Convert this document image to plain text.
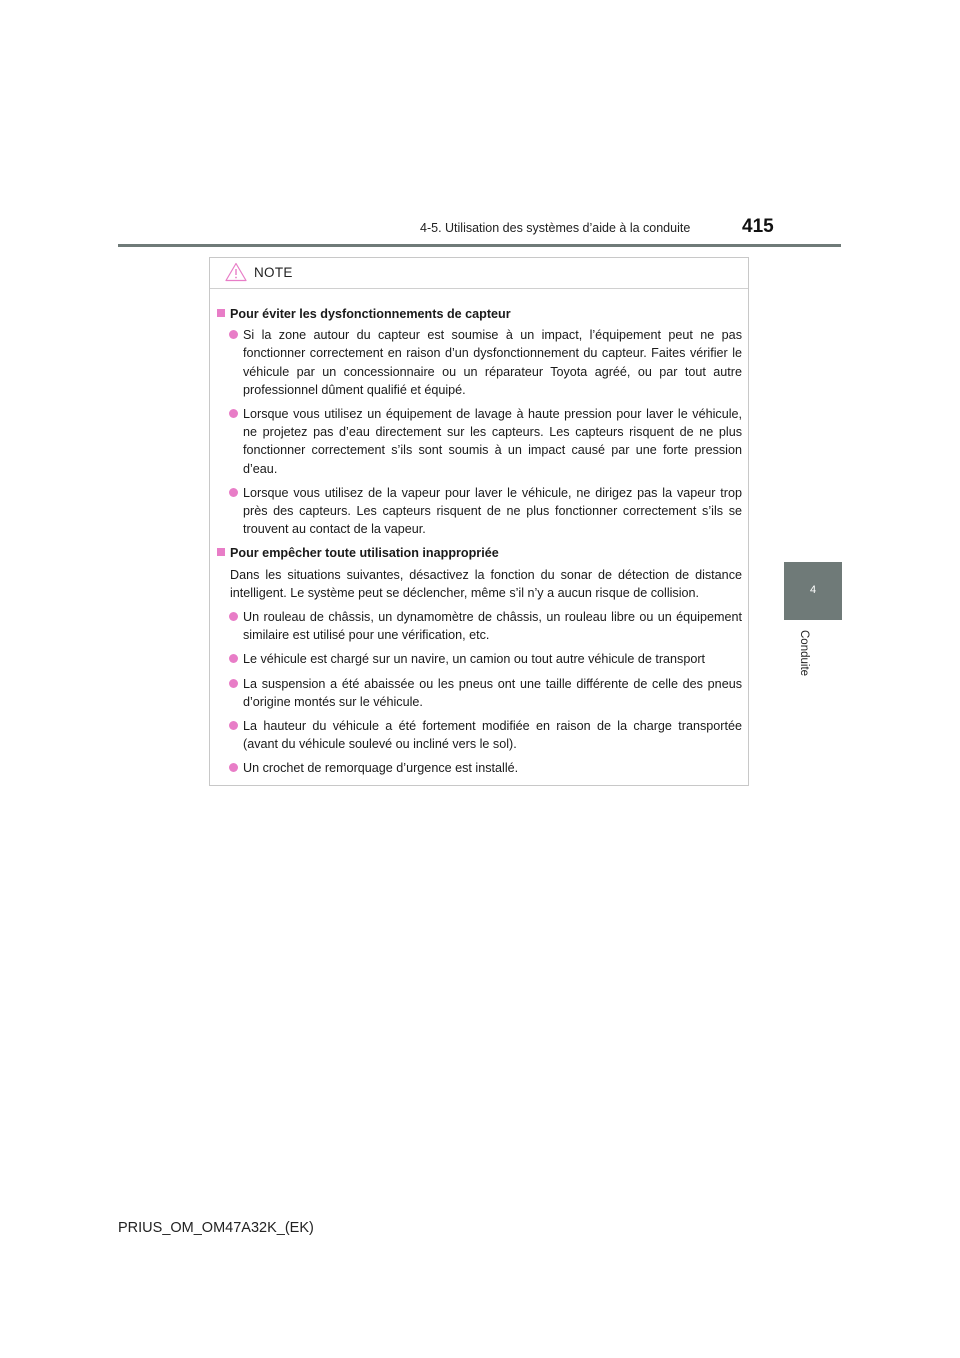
4-5. Utilisation des systèmes d’aide à la conduite	415
4
Conduite
NOTE
Pour éviter les dysfonctionnements de capteur
Si la zone autour du capteur est soumise à un impact, l’équipement peut ne pas fonctionner correctement en raison d’un dysfonctionnement du capteur. Faites vérifier le véhicule par un concessionnaire ou un réparateur Toyota agréé, ou par tout autre professionnel dûment qualifié et équipé.
Lorsque vous utilisez un équipement de lavage à haute pression pour laver le véhicule, ne projetez pas d’eau directement sur les capteurs. Les capteurs risquent de ne plus fonctionner correctement s’ils sont soumis à un impact causé par une forte pression d’eau.
Lorsque vous utilisez de la vapeur pour laver le véhicule, ne dirigez pas la vapeur trop près des capteurs. Les capteurs risquent de ne plus fonctionner correctement s’ils se trouvent au contact de la vapeur.
Pour empêcher toute utilisation inappropriée
Dans les situations suivantes, désactivez la fonction du sonar de détection de distance intelligent. Le système peut se déclencher, même s’il n’y a aucun risque de collision.
Un rouleau de châssis, un dynamomètre de châssis, un rouleau libre ou un équipement similaire est utilisé pour une vérification, etc.
Le véhicule est chargé sur un navire, un camion ou tout autre véhicule de transport
La suspension a été abaissée ou les pneus ont une taille différente de celle des pneus d’origine montés sur le véhicule.
La hauteur du véhicule a été fortement modifiée en raison de la charge transportée (avant du véhicule soulevé ou incliné vers le sol).
Un crochet de remorquage d’urgence est installé.
PRIUS_OM_OM47A32K_(EK)
